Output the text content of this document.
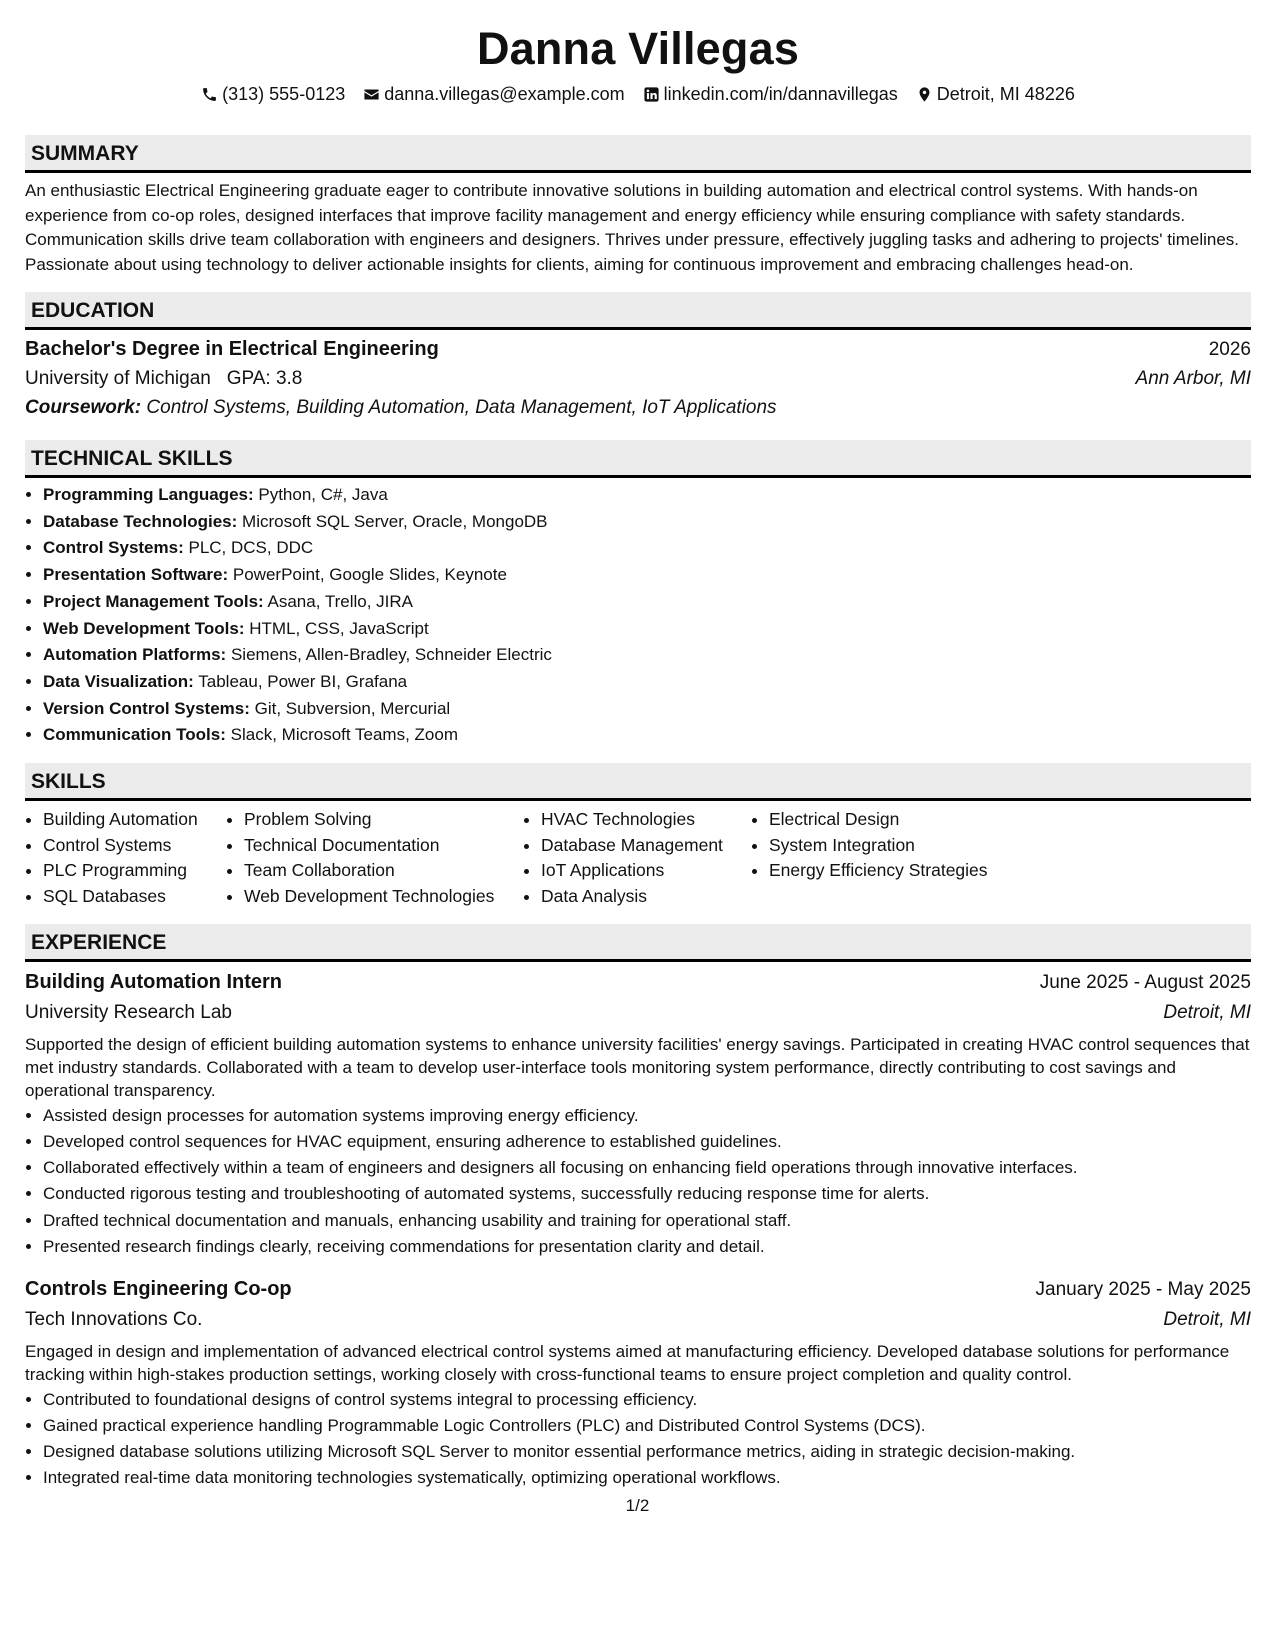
Danna Villegas
(313) 555-0123 danna.villegas@example.com linkedin.com/in/dannavillegas Detroit, MI 48226
SUMMARY

An enthusiastic Electrical Engineering graduate eager to contribute innovative solutions in building automation and electrical control systems. With hands-on experience from co-op roles, designed interfaces that improve facility management and energy efficiency while ensuring compliance with safety standards. Communication skills drive team collaboration with engineers and designers. Thrives under pressure, effectively juggling tasks and adhering to projects' timelines. Passionate about using technology to deliver actionable insights for clients, aiming for continuous improvement and embracing challenges head-on.

EDUCATION
Bachelor's Degree in Electrical Engineering	2026
University of Michigan GPA: 3.8	Ann Arbor, MI
Coursework: Control Systems, Building Automation, Data Management, IoT Applications
TECHNICAL SKILLS
• Programming Languages: Python, C#, Java
• Database Technologies: Microsoft SQL Server, Oracle, MongoDB
• Control Systems: PLC, DCS, DDC
• Presentation Software: PowerPoint, Google Slides, Keynote
• Project Management Tools: Asana, Trello, JIRA
• Web Development Tools: HTML, CSS, JavaScript
• Automation Platforms: Siemens, Allen-Bradley, Schneider Electric
• Data Visualization: Tableau, Power BI, Grafana
• Version Control Systems: Git, Subversion, Mercurial
• Communication Tools: Slack, Microsoft Teams, Zoom
SKILLS
• Building Automation
• Control Systems
• PLC Programming
• SQL Databases
• Problem Solving
• Technical Documentation
• Team Collaboration
• Web Development Technologies
• HVAC Technologies
• Database Management
• IoT Applications
• Data Analysis
• Electrical Design
• System Integration
• Energy Efficiency Strategies
EXPERIENCE
Building Automation Intern	June 2025 - August 2025
University Research Lab	Detroit, MI

Supported the design of efficient building automation systems to enhance university facilities' energy savings. Participated in creating HVAC control sequences that met industry standards. Collaborated with a team to develop user-interface tools monitoring system performance, directly contributing to cost savings and operational transparency.

• Assisted design processes for automation systems improving energy efficiency.
• Developed control sequences for HVAC equipment, ensuring adherence to established guidelines.
• Collaborated effectively within a team of engineers and designers all focusing on enhancing field operations through innovative interfaces.
• Conducted rigorous testing and troubleshooting of automated systems, successfully reducing response time for alerts.
• Drafted technical documentation and manuals, enhancing usability and training for operational staff.
• Presented research findings clearly, receiving commendations for presentation clarity and detail.
Controls Engineering Co-op	January 2025 - May 2025
Tech Innovations Co.	Detroit, MI

Engaged in design and implementation of advanced electrical control systems aimed at manufacturing efficiency. Developed database solutions for performance tracking within high-stakes production settings, working closely with cross-functional teams to ensure project completion and quality control.

• Contributed to foundational designs of control systems integral to processing efficiency.
• Gained practical experience handling Programmable Logic Controllers (PLC) and Distributed Control Systems (DCS).
• Designed database solutions utilizing Microsoft SQL Server to monitor essential performance metrics, aiding in strategic decision-making.
• Integrated real-time data monitoring technologies systematically, optimizing operational workflows.
1/2
